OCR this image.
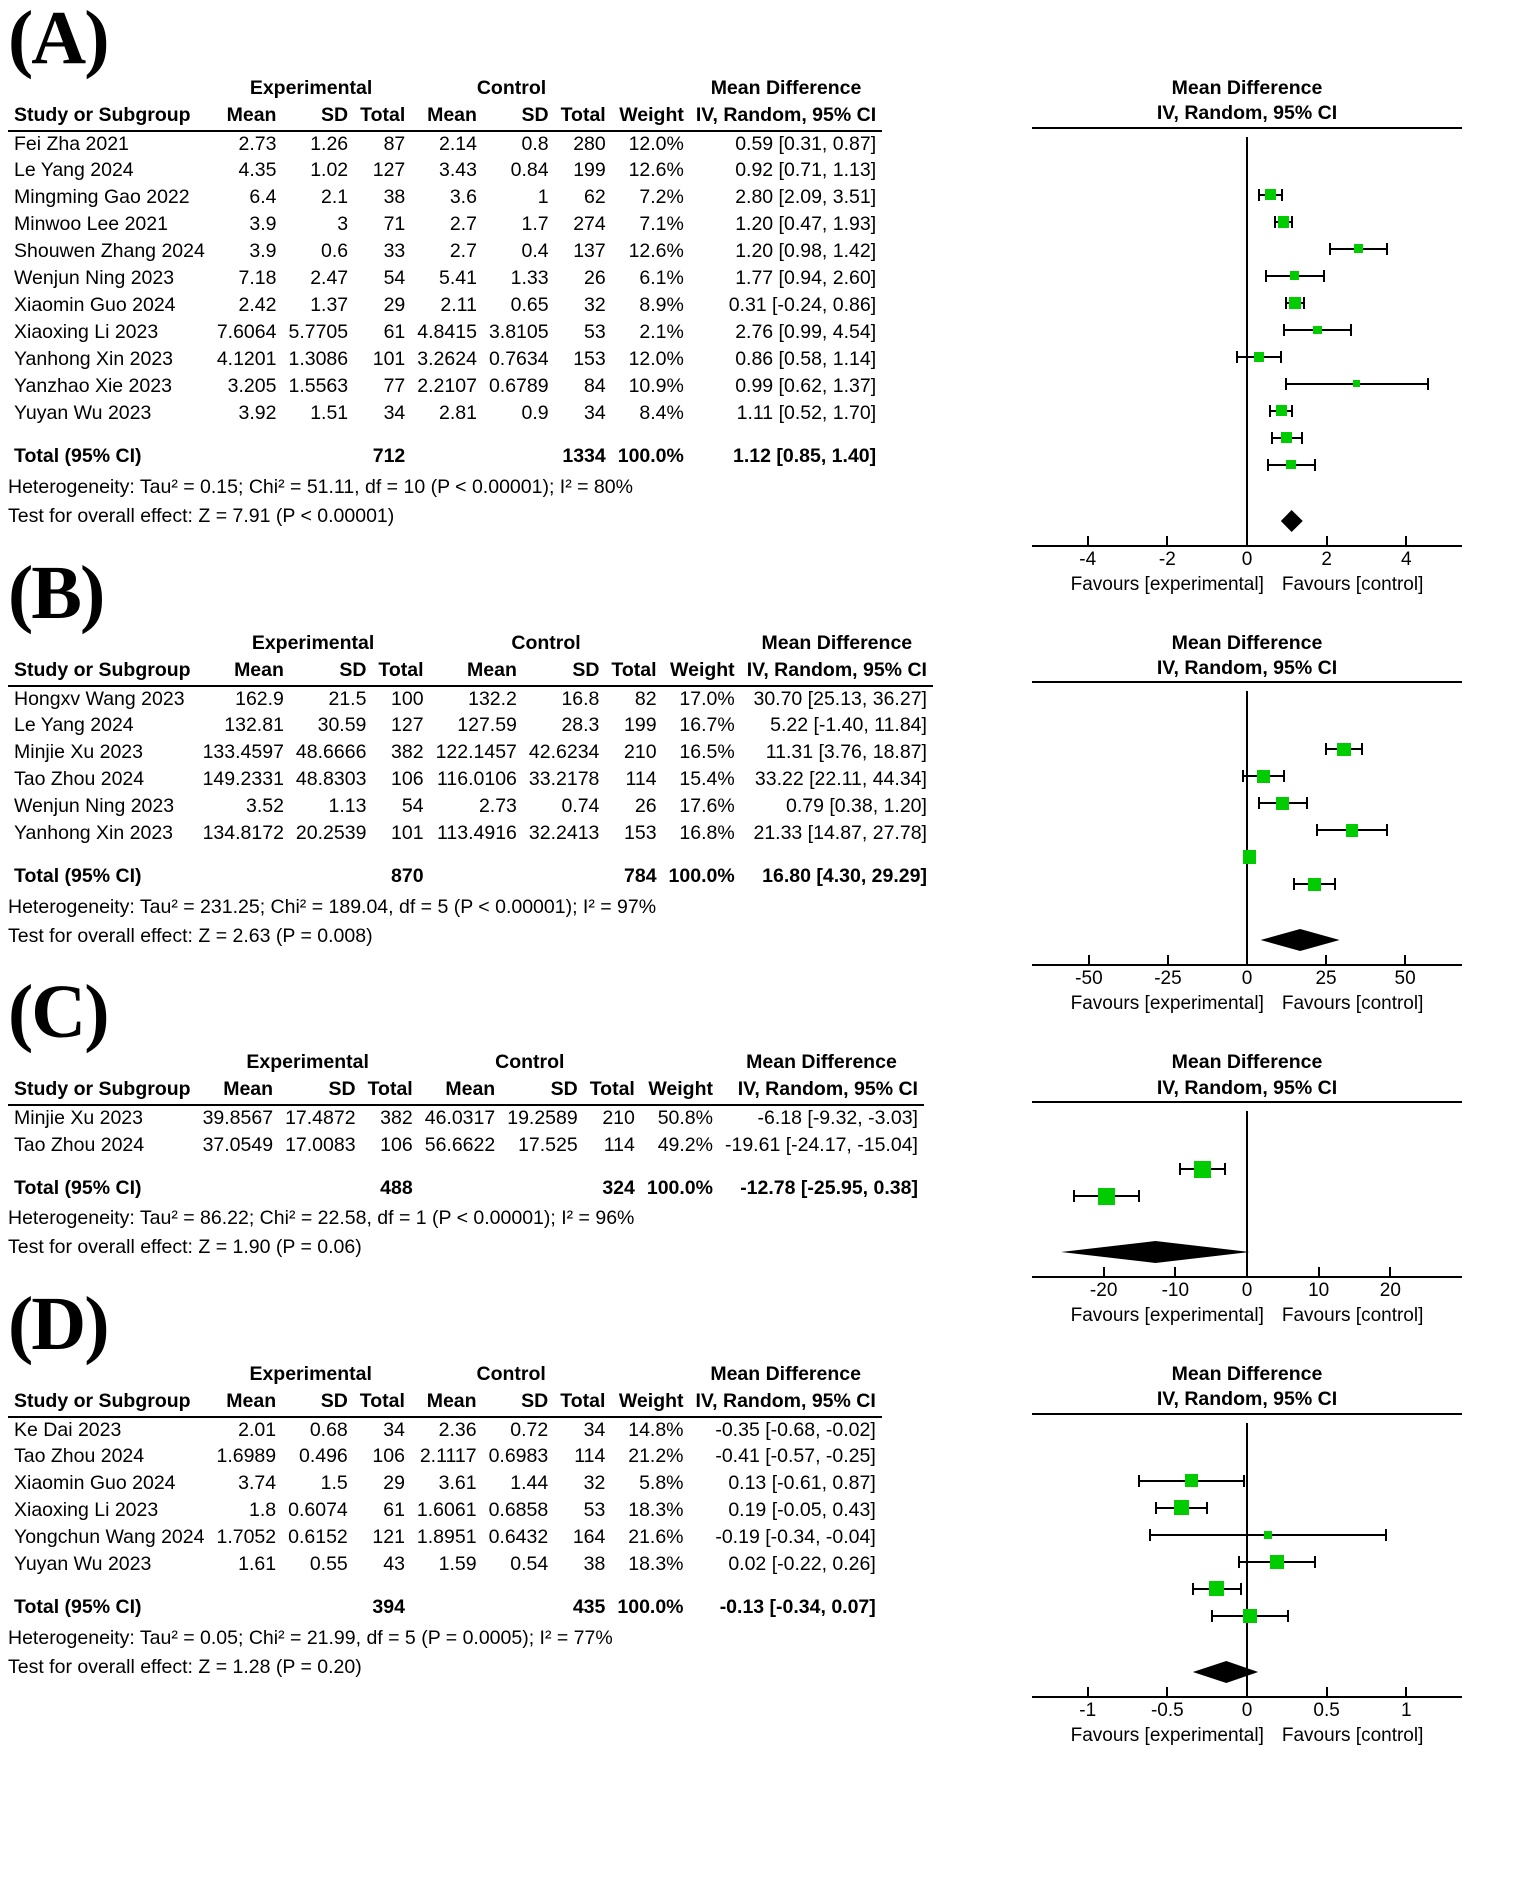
(A)
	Experimental			Control				Mean Difference
Study or Subgroup	Mean	SD	Total	Mean	SD	Total	Weight	IV, Random, 95% CI
Fei Zha 2021	2.73	1.26	87	2.14	0.8	280	12.0%	0.59 [0.31, 0.87]
Le Yang 2024	4.35	1.02	127	3.43	0.84	199	12.6%	0.92 [0.71, 1.13]
Mingming Gao 2022	6.4	2.1	38	3.6	1	62	7.2%	2.80 [2.09, 3.51]
Minwoo Lee 2021	3.9	3	71	2.7	1.7	274	7.1%	1.20 [0.47, 1.93]
Shouwen Zhang 2024	3.9	0.6	33	2.7	0.4	137	12.6%	1.20 [0.98, 1.42]
Wenjun Ning 2023	7.18	2.47	54	5.41	1.33	26	6.1%	1.77 [0.94, 2.60]
Xiaomin Guo 2024	2.42	1.37	29	2.11	0.65	32	8.9%	0.31 [-0.24, 0.86]
Xiaoxing Li 2023	7.6064	5.7705	61	4.8415	3.8105	53	2.1%	2.76 [0.99, 4.54]
Yanhong Xin 2023	4.1201	1.3086	101	3.2624	0.7634	153	12.0%	0.86 [0.58, 1.14]
Yanzhao Xie 2023	3.205	1.5563	77	2.2107	0.6789	84	10.9%	0.99 [0.62, 1.37]
Yuyan Wu 2023	3.92	1.51	34	2.81	0.9	34	8.4%	1.11 [0.52, 1.70]

Total (95% CI)			712			1334	100.0%	1.12 [0.85, 1.40]
Heterogeneity: Tau² = 0.15; Chi² = 51.11, df = 10 (P < 0.00001); I² = 80%
Test for overall effect: Z = 7.91 (P < 0.00001)
Mean Difference
IV, Random, 95% CI
-4	-2	0	2	4
Favours [experimental] Favours [control]
(B)
	Experimental			Control				Mean Difference
Study or Subgroup	Mean	SD	Total	Mean	SD	Total	Weight	IV, Random, 95% CI
Hongxv Wang 2023	162.9	21.5	100	132.2	16.8	82	17.0%	30.70 [25.13, 36.27]
Le Yang 2024	132.81	30.59	127	127.59	28.3	199	16.7%	5.22 [-1.40, 11.84]
Minjie Xu 2023	133.4597	48.6666	382	122.1457	42.6234	210	16.5%	11.31 [3.76, 18.87]
Tao Zhou 2024	149.2331	48.8303	106	116.0106	33.2178	114	15.4%	33.22 [22.11, 44.34]
Wenjun Ning 2023	3.52	1.13	54	2.73	0.74	26	17.6%	0.79 [0.38, 1.20]
Yanhong Xin 2023	134.8172	20.2539	101	113.4916	32.2413	153	16.8%	21.33 [14.87, 27.78]

Total (95% CI)			870			784	100.0%	16.80 [4.30, 29.29]
Heterogeneity: Tau² = 231.25; Chi² = 189.04, df = 5 (P < 0.00001); I² = 97%
Test for overall effect: Z = 2.63 (P = 0.008)
Mean Difference
IV, Random, 95% CI
-50	-25	0	25	50
Favours [experimental] Favours [control]
(C)
	Experimental			Control				Mean Difference
Study or Subgroup	Mean	SD	Total	Mean	SD	Total	Weight	IV, Random, 95% CI
Minjie Xu 2023	39.8567	17.4872	382	46.0317	19.2589	210	50.8%	-6.18 [-9.32, -3.03]
Tao Zhou 2024	37.0549	17.0083	106	56.6622	17.525	114	49.2%	-19.61 [-24.17, -15.04]

Total (95% CI)			488			324	100.0%	-12.78 [-25.95, 0.38]
Heterogeneity: Tau² = 86.22; Chi² = 22.58, df = 1 (P < 0.00001); I² = 96%
Test for overall effect: Z = 1.90 (P = 0.06)
Mean Difference
IV, Random, 95% CI
-20 -10	0	10	20
Favours [experimental] Favours [control]
(D)
	Experimental			Control				Mean Difference
Study or Subgroup	Mean	SD	Total	Mean	SD	Total	Weight	IV, Random, 95% CI
Ke Dai 2023	2.01	0.68	34	2.36	0.72	34	14.8%	-0.35 [-0.68, -0.02]
Tao Zhou 2024	1.6989	0.496	106	2.1117	0.6983	114	21.2%	-0.41 [-0.57, -0.25]
Xiaomin Guo 2024	3.74	1.5	29	3.61	1.44	32	5.8%	0.13 [-0.61, 0.87]
Xiaoxing Li 2023	1.8	0.6074	61	1.6061	0.6858	53	18.3%	0.19 [-0.05, 0.43]
Yongchun Wang 2024	1.7052	0.6152	121	1.8951	0.6432	164	21.6%	-0.19 [-0.34, -0.04]
Yuyan Wu 2023	1.61	0.55	43	1.59	0.54	38	18.3%	0.02 [-0.22, 0.26]

Total (95% CI)			394			435	100.0%	-0.13 [-0.34, 0.07]
Heterogeneity: Tau² = 0.05; Chi² = 21.99, df = 5 (P = 0.0005); I² = 77%
Test for overall effect: Z = 1.28 (P = 0.20)
Mean Difference
IV, Random, 95% CI
-1	-0.5	0	0.5	1
Favours [experimental] Favours [control]
